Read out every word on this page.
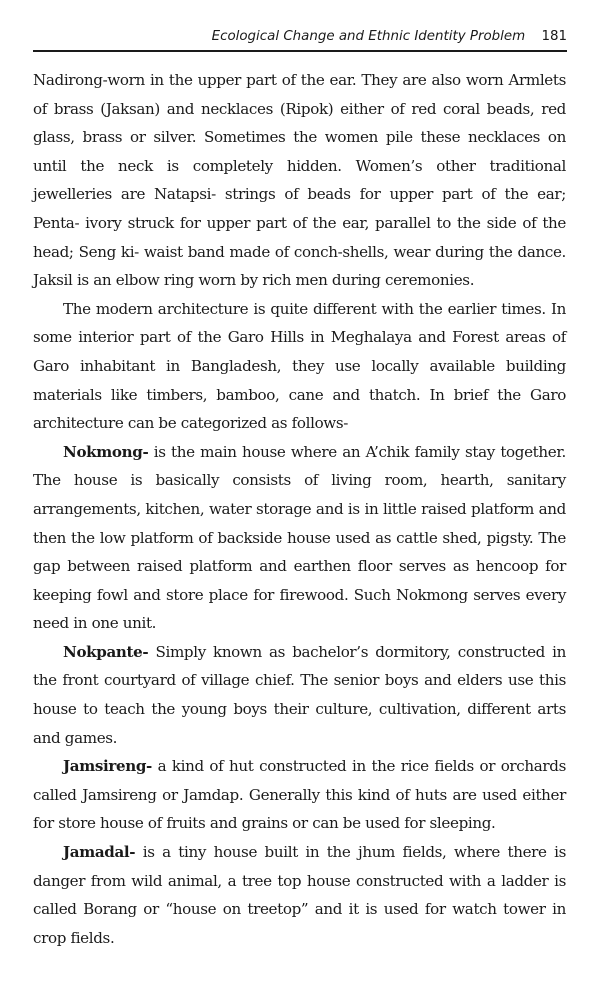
Ecological Change and Ethnic Identity Problem 181

Nadirong-worn in the upper part of the ear. They are also worn Armlets of brass (Jaksan) and necklaces (Ripok) either of red coral beads, red glass, brass or silver. Sometimes the women pile these necklaces on until the neck is completely hidden. Women’s other traditional jewelleries are Natapsi- strings of beads for upper part of the ear; Penta- ivory struck for upper part of the ear, parallel to the side of the head; Seng ki- waist band made of conch-shells, wear during the dance. Jaksil is an elbow ring worn by rich men during ceremonies.

The modern architecture is quite different with the earlier times. In some interior part of the Garo Hills in Meghalaya and Forest areas of Garo inhabitant in Bangladesh, they use locally available building materials like timbers, bamboo, cane and thatch. In brief the Garo architecture can be categorized as follows-

Nokmong- is the main house where an A’chik family stay together. The house is basically consists of living room, hearth, sanitary arrangements, kitchen, water storage and is in little raised platform and then the low platform of backside house used as cattle shed, pigsty. The gap between raised platform and earthen floor serves as hencoop for keeping fowl and store place for firewood. Such Nokmong serves every need in one unit.

Nokpante- Simply known as bachelor’s dormitory, constructed in the front courtyard of village chief. The senior boys and elders use this house to teach the young boys their culture, cultivation, different arts and games.

Jamsireng- a kind of hut constructed in the rice fields or orchards called Jamsireng or Jamdap. Generally this kind of huts are used either for store house of fruits and grains or can be used for sleeping.

Jamadal- is a tiny house built in the jhum fields, where there is danger from wild animal, a tree top house constructed with a ladder is called Borang or “house on treetop” and it is used for watch tower in crop fields.
